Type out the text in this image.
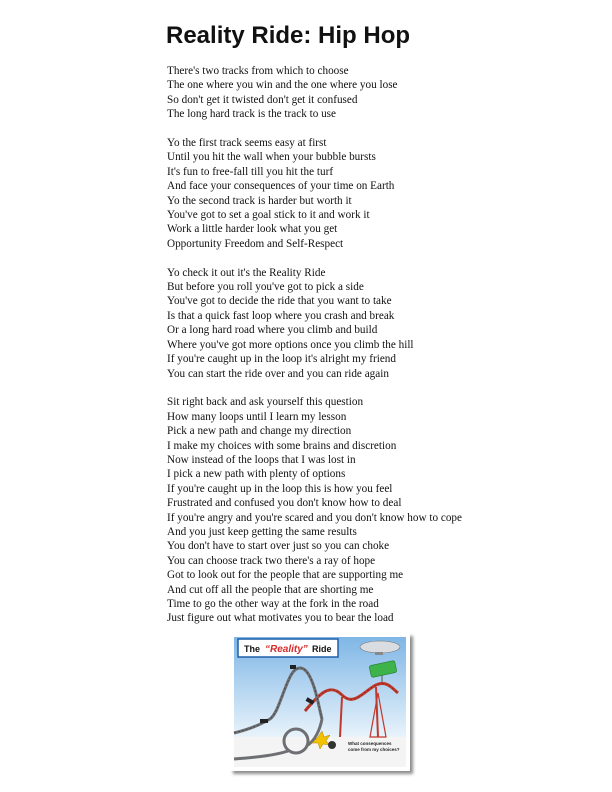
Reality Ride: Hip Hop
There's two tracks from which to choose
The one where you win and the one where you lose
So don't get it twisted don't get it confused
The long hard track is the track to use
Yo the first track seems easy at first
Until you hit the wall when your bubble bursts
It's fun to free-fall till you hit the turf
And face your consequences of your time on Earth
Yo the second track is harder but worth it
You've got to set a goal stick to it and work it
Work a little harder look what you get
Opportunity Freedom and Self-Respect
Yo check it out it's the Reality Ride
But before you roll you've got to pick a side
You've got to decide the ride that you want to take
Is that a quick fast loop where you crash and break
Or a long hard road where you climb and build
Where you've got more options once you climb the hill
If you're caught up in the loop it's alright my friend
You can start the ride over and you can ride again
Sit right back and ask yourself this question
How many loops until I learn my lesson
Pick a new path and change my direction
I make my choices with some brains and discretion
Now instead of the loops that I was lost in
I pick a new path with plenty of options
If you're caught up in the loop this is how you feel
Frustrated and confused you don't know how to deal
If you're angry and you're scared and you don't know how to cope
And you just keep getting the same results
You don't have to start over just so you can choke
You can choose track two there's a ray of hope
Got to look out for the people that are supporting me
And cut off all the people that are shorting me
Time to go the other way at the fork in the road
Just figure out what motivates you to bear the load
The “Reality” Ride
What consequences
come from my choices?
